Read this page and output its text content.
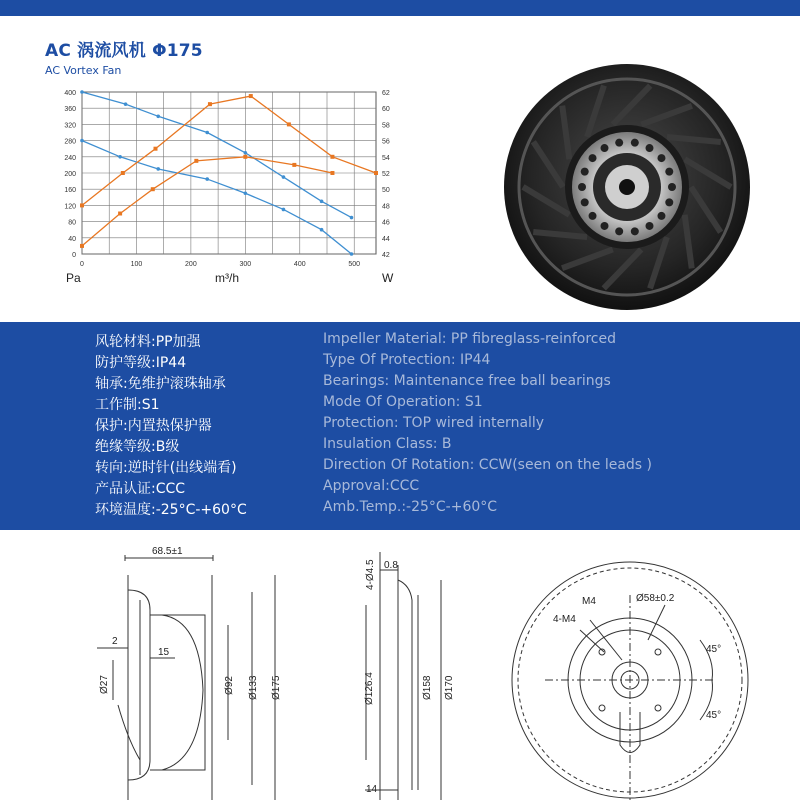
AC 涡流风机 Φ175
AC Vortex Fan
0
40
80
120
160
200
240
280
320
360
400
42
44
46
48
50
52
54
56
58
60
62
0	100	200	300	400	500
Pa	m³/h	W
风轮材料:PP加强	Impeller Material: PP fibreglass-reinforced
防护等级:IP44	Type Of Protection: IP44
轴承:免维护滚珠轴承	Bearings: Maintenance free ball bearings
工作制:S1	Mode Of Operation: S1
保护:内置热保护器	Protection: TOP wired internally
绝缘等级:B级	Insulation Class: B
转向:逆时针(出线端看)	Direction Of Rotation: CCW(seen on the leads )
产品认证:CCC	Approval:CCC
环境温度:-25°C-+60°C	Amb.Temp.:-25°C-+60°C
68.5±1
2
15
Ø27	Ø92 Ø133 Ø175
4-Ø4.5 0.8
Ø126.4	Ø158 Ø170
14
M4
4-M4
Ø58±0.2
45°
45°
